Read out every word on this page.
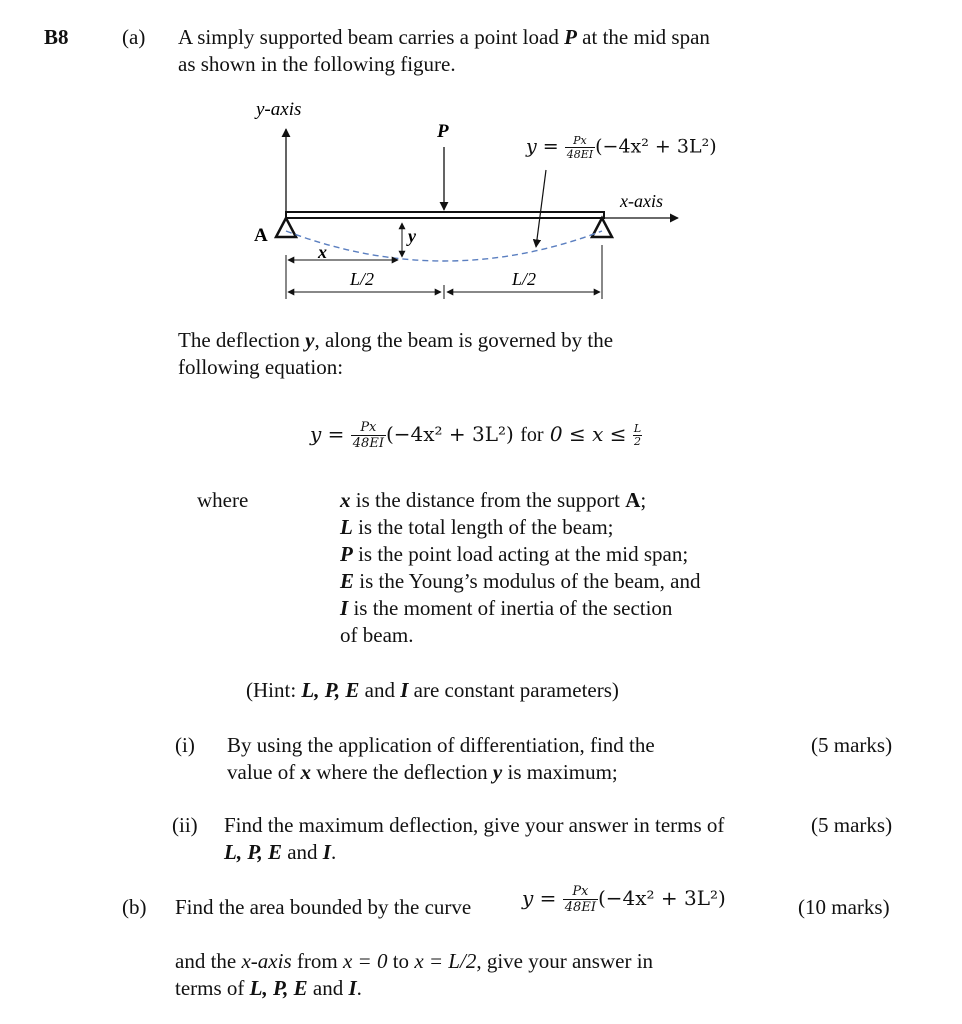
B8	(a) A simply supported beam carries a point load P at the mid span
as shown in the following figure.
y-axis
x-axis
P
A
x
y
L/2	L/2
$y = \frac{Px}{48EI} (-4x^2 + 3L^2)$
The deflection y, along the beam is governed by the
following equation:
$y = \frac{Px}{48EI} (-4x^2 + 3L^2)$ for $0 \le x \le \frac{L}{2}$
where	x is the distance from the support A;
L is the total length of the beam;
P is the point load acting at the mid span;
E is the Young’s modulus of the beam, and
I is the moment of inertia of the section
of beam.
(Hint: L, P, E and I are constant parameters)
(i) By using the application of differentiation, find the
value of x where the deflection y is maximum;
(5 marks)
(ii) Find the maximum deflection, give your answer in terms of
L, P, E and I.
(5 marks)
(b) Find the area bounded by the curve	$y = \frac{Px}{48EI} (-4x^2 + 3L^2)$	(10 marks)
and the x-axis from x = 0 to x = L/2, give your answer in
terms of L, P, E and I.
